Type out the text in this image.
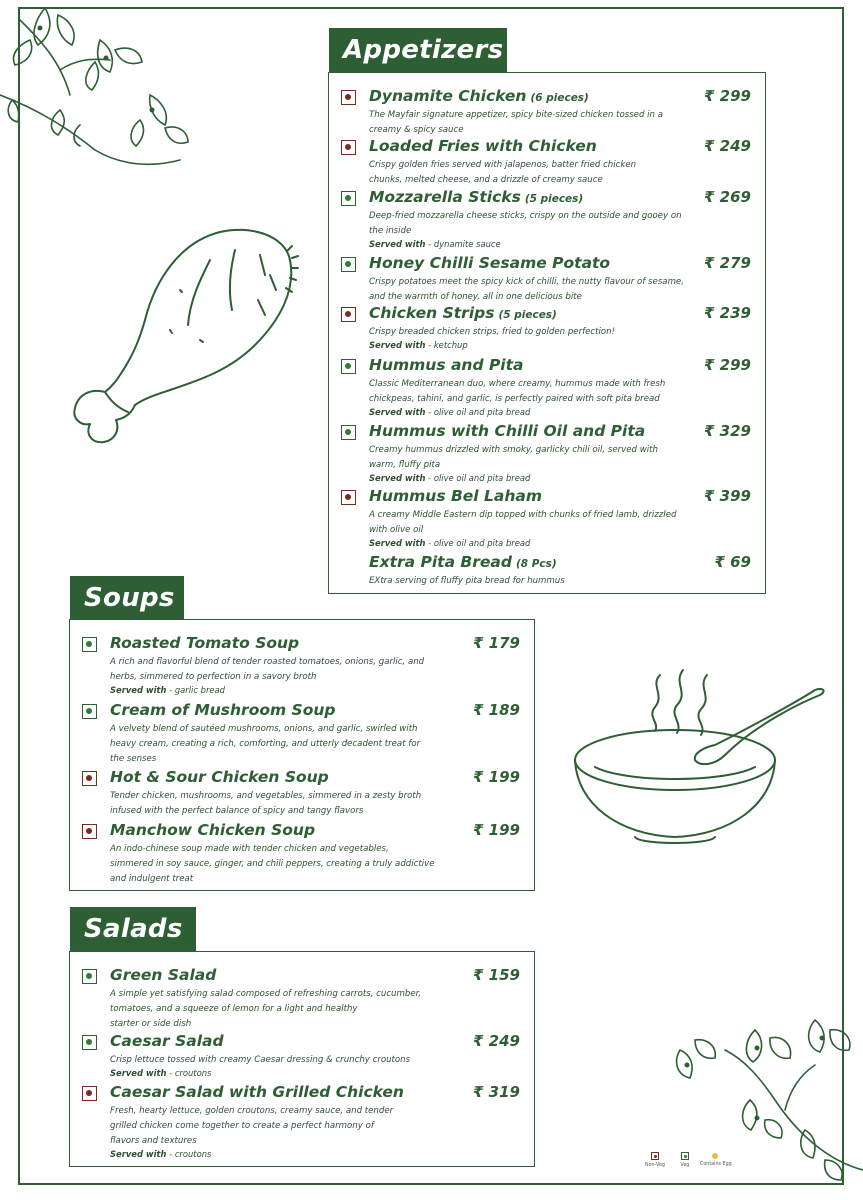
Appetizers
Dynamite Chicken (6 pieces)	₹ 299
The Mayfair signature appetizer, spicy bite-sized chicken tossed in a
creamy & spicy sauce
Loaded Fries with Chicken	₹ 249
Crispy golden fries served with jalapenos, batter fried chicken
chunks, melted cheese, and a drizzle of creamy sauce
Mozzarella Sticks (5 pieces)	₹ 269
Deep-fried mozzarella cheese sticks, crispy on the outside and gooey on
the inside
Served with - dynamite sauce
Honey Chilli Sesame Potato	₹ 279
Crispy potatoes meet the spicy kick of chilli, the nutty flavour of sesame,
and the warmth of honey, all in one delicious bite
Chicken Strips (5 pieces)	₹ 239
Crispy breaded chicken strips, fried to golden perfection!
Served with - ketchup
Hummus and Pita	₹ 299
Classic Mediterranean duo, where creamy, hummus made with fresh
chickpeas, tahini, and garlic, is perfectly paired with soft pita bread
Served with - olive oil and pita bread
Hummus with Chilli Oil and Pita	₹ 329
Creamy hummus drizzled with smoky, garlicky chili oil, served with
warm, fluffy pita
Served with - olive oil and pita bread
Hummus Bel Laham	₹ 399
A creamy Middle Eastern dip topped with chunks of fried lamb, drizzled
with olive oil
Served with - olive oil and pita bread
Extra Pita Bread (8 Pcs)	₹ 69
EXtra serving of fluffy pita bread for hummus
Soups
Roasted Tomato Soup	₹ 179
A rich and flavorful blend of tender roasted tomatoes, onions, garlic, and
herbs, simmered to perfection in a savory broth
Served with - garlic bread
Cream of Mushroom Soup	₹ 189
A velvety blend of sautéed mushrooms, onions, and garlic, swirled with
heavy cream, creating a rich, comforting, and utterly decadent treat for
the senses
Hot & Sour Chicken Soup	₹ 199
Tender chicken, mushrooms, and vegetables, simmered in a zesty broth
infused with the perfect balance of spicy and tangy flavors
Manchow Chicken Soup	₹ 199
An indo-chinese soup made with tender chicken and vegetables,
simmered in soy sauce, ginger, and chili peppers, creating a truly addictive
and indulgent treat
Salads
Green Salad	₹ 159
A simple yet satisfying salad composed of refreshing carrots, cucumber,
tomatoes, and a squeeze of lemon for a light and healthy
starter or side dish
Caesar Salad	₹ 249
Crisp lettuce tossed with creamy Caesar dressing & crunchy croutons
Served with - croutons
Caesar Salad with Grilled Chicken	₹ 319
Fresh, hearty lettuce, golden croutons, creamy sauce, and tender
grilled chicken come together to create a perfect harmony of
flavors and textures
Served with - croutons
Non-Veg	Veg	Contains Egg
